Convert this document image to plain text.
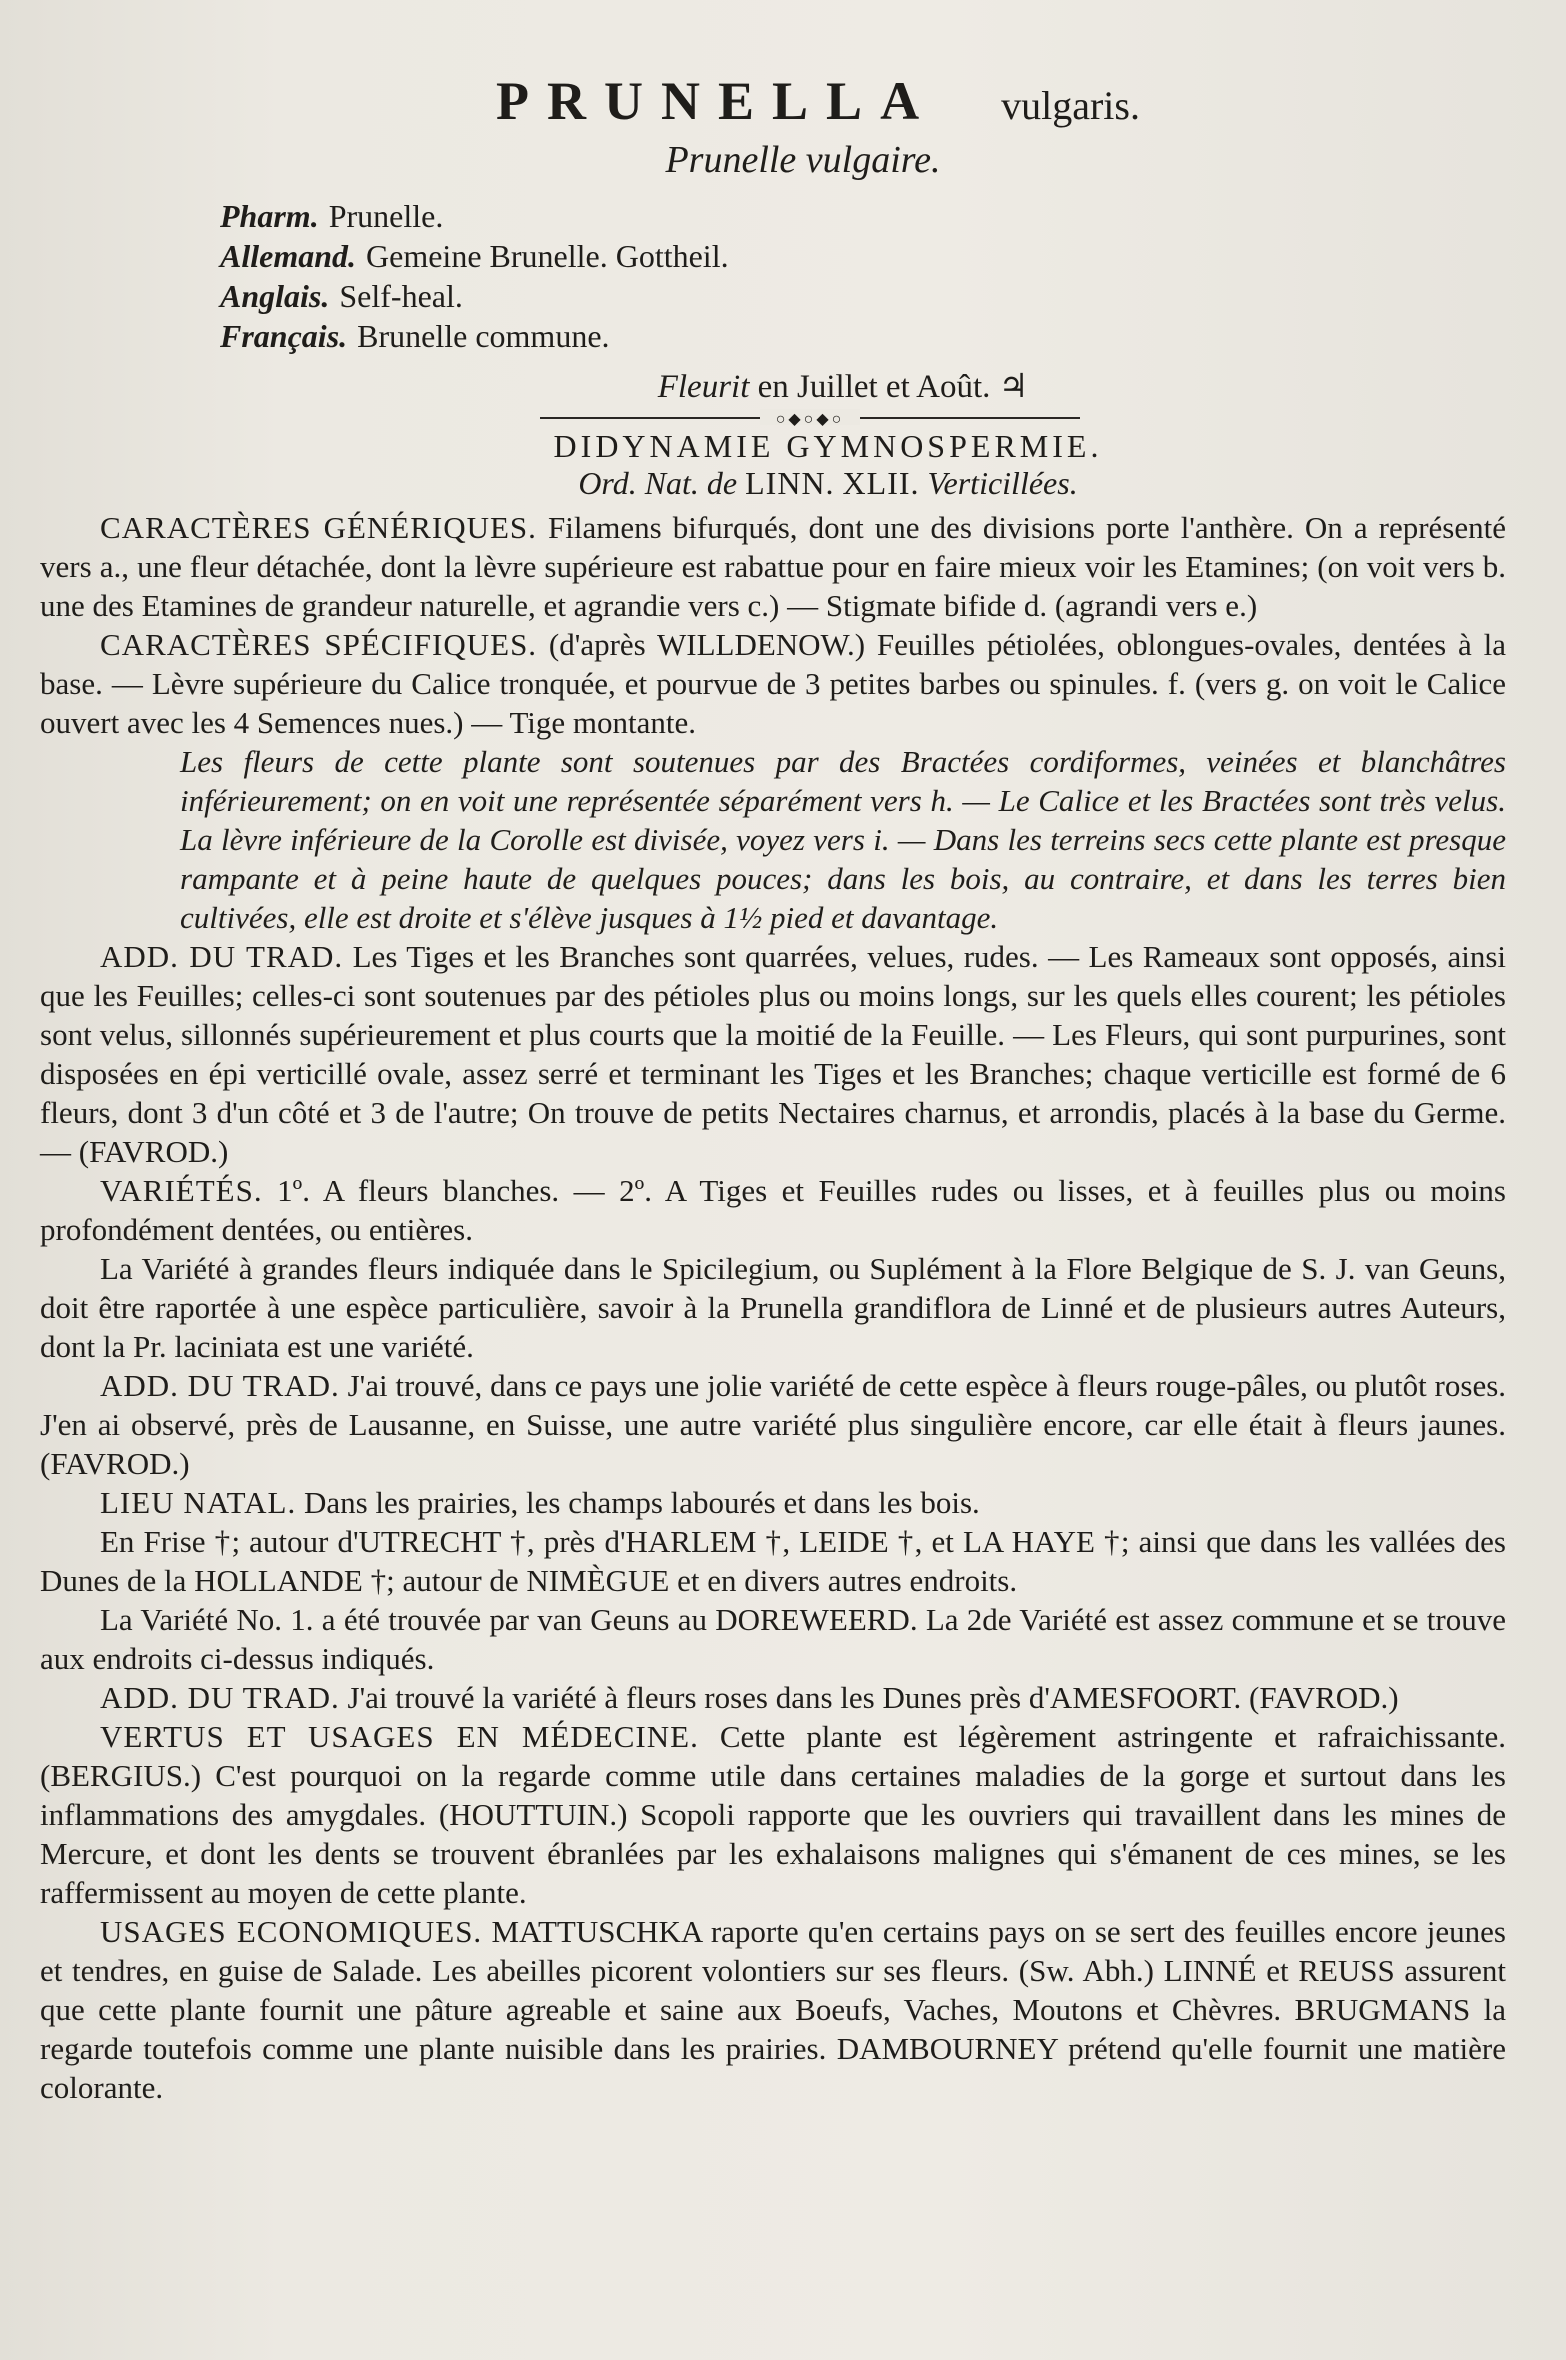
PRUNELLA vulgaris.
Prunelle vulgaire.
Pharm. Prunelle.
Allemand. Gemeine Brunelle. Gottheil.
Anglais. Self-heal.
Français. Brunelle commune.
Fleurit en Juillet et Août. ♃
○◆○◆○
DIDYNAMIE GYMNOSPERMIE.
Ord. Nat. de LINN. XLII. Verticillées.

CARACTÈRES GÉNÉRIQUES. Filamens bifurqués, dont une des divisions porte l'anthère. On a représenté vers a., une fleur détachée, dont la lèvre supérieure est rabattue pour en faire mieux voir les Etamines; (on voit vers b. une des Etamines de grandeur naturelle, et agrandie vers c.) — Stigmate bifide d. (agrandi vers e.)

CARACTÈRES SPÉCIFIQUES. (d'après WILLDENOW.) Feuilles pétiolées, oblongues-ovales, dentées à la base. — Lèvre supérieure du Calice tronquée, et pourvue de 3 petites barbes ou spinules. f. (vers g. on voit le Calice ouvert avec les 4 Semences nues.) — Tige montante.

Les fleurs de cette plante sont soutenues par des Bractées cordiformes, veinées et blanchâtres inférieurement; on en voit une représentée séparément vers h. — Le Calice et les Bractées sont très velus. La lèvre inférieure de la Corolle est divisée, voyez vers i. — Dans les terreins secs cette plante est presque rampante et à peine haute de quelques pouces; dans les bois, au contraire, et dans les terres bien cultivées, elle est droite et s'élève jusques à 1½ pied et davantage.

ADD. DU TRAD. Les Tiges et les Branches sont quarrées, velues, rudes. — Les Rameaux sont opposés, ainsi que les Feuilles; celles-ci sont soutenues par des pétioles plus ou moins longs, sur les quels elles courent; les pétioles sont velus, sillonnés supérieurement et plus courts que la moitié de la Feuille. — Les Fleurs, qui sont purpurines, sont disposées en épi verticillé ovale, assez serré et terminant les Tiges et les Branches; chaque verticille est formé de 6 fleurs, dont 3 d'un côté et 3 de l'autre; On trouve de petits Nectaires charnus, et arrondis, placés à la base du Germe. — (FAVROD.)

VARIÉTÉS. 1º. A fleurs blanches. — 2º. A Tiges et Feuilles rudes ou lisses, et à feuilles plus ou moins profondément dentées, ou entières.

La Variété à grandes fleurs indiquée dans le Spicilegium, ou Suplément à la Flore Belgique de S. J. van Geuns, doit être raportée à une espèce particulière, savoir à la Prunella grandiflora de Linné et de plusieurs autres Auteurs, dont la Pr. laciniata est une variété.

ADD. DU TRAD. J'ai trouvé, dans ce pays une jolie variété de cette espèce à fleurs rouge-pâles, ou plutôt roses. J'en ai observé, près de Lausanne, en Suisse, une autre variété plus singulière encore, car elle était à fleurs jaunes. (FAVROD.)

LIEU NATAL. Dans les prairies, les champs labourés et dans les bois.

En Frise †; autour d'UTRECHT †, près d'HARLEM †, LEIDE †, et LA HAYE †; ainsi que dans les vallées des Dunes de la HOLLANDE †; autour de NIMÈGUE et en divers autres endroits.

La Variété No. 1. a été trouvée par van Geuns au DOREWEERD. La 2de Variété est assez commune et se trouve aux endroits ci-dessus indiqués.

ADD. DU TRAD. J'ai trouvé la variété à fleurs roses dans les Dunes près d'AMESFOORT. (FAVROD.)

VERTUS ET USAGES EN MÉDECINE. Cette plante est légèrement astringente et rafraichissante. (BERGIUS.) C'est pourquoi on la regarde comme utile dans certaines maladies de la gorge et surtout dans les inflammations des amygdales. (HOUTTUIN.) Scopoli rapporte que les ouvriers qui travaillent dans les mines de Mercure, et dont les dents se trouvent ébranlées par les exhalaisons malignes qui s'émanent de ces mines, se les raffermissent au moyen de cette plante.

USAGES ECONOMIQUES. MATTUSCHKA raporte qu'en certains pays on se sert des feuilles encore jeunes et tendres, en guise de Salade. Les abeilles picorent volontiers sur ses fleurs. (Sw. Abh.) LINNÉ et REUSS assurent que cette plante fournit une pâture agreable et saine aux Boeufs, Vaches, Moutons et Chèvres. BRUGMANS la regarde toutefois comme une plante nuisible dans les prairies. DAMBOURNEY prétend qu'elle fournit une matière colorante.
